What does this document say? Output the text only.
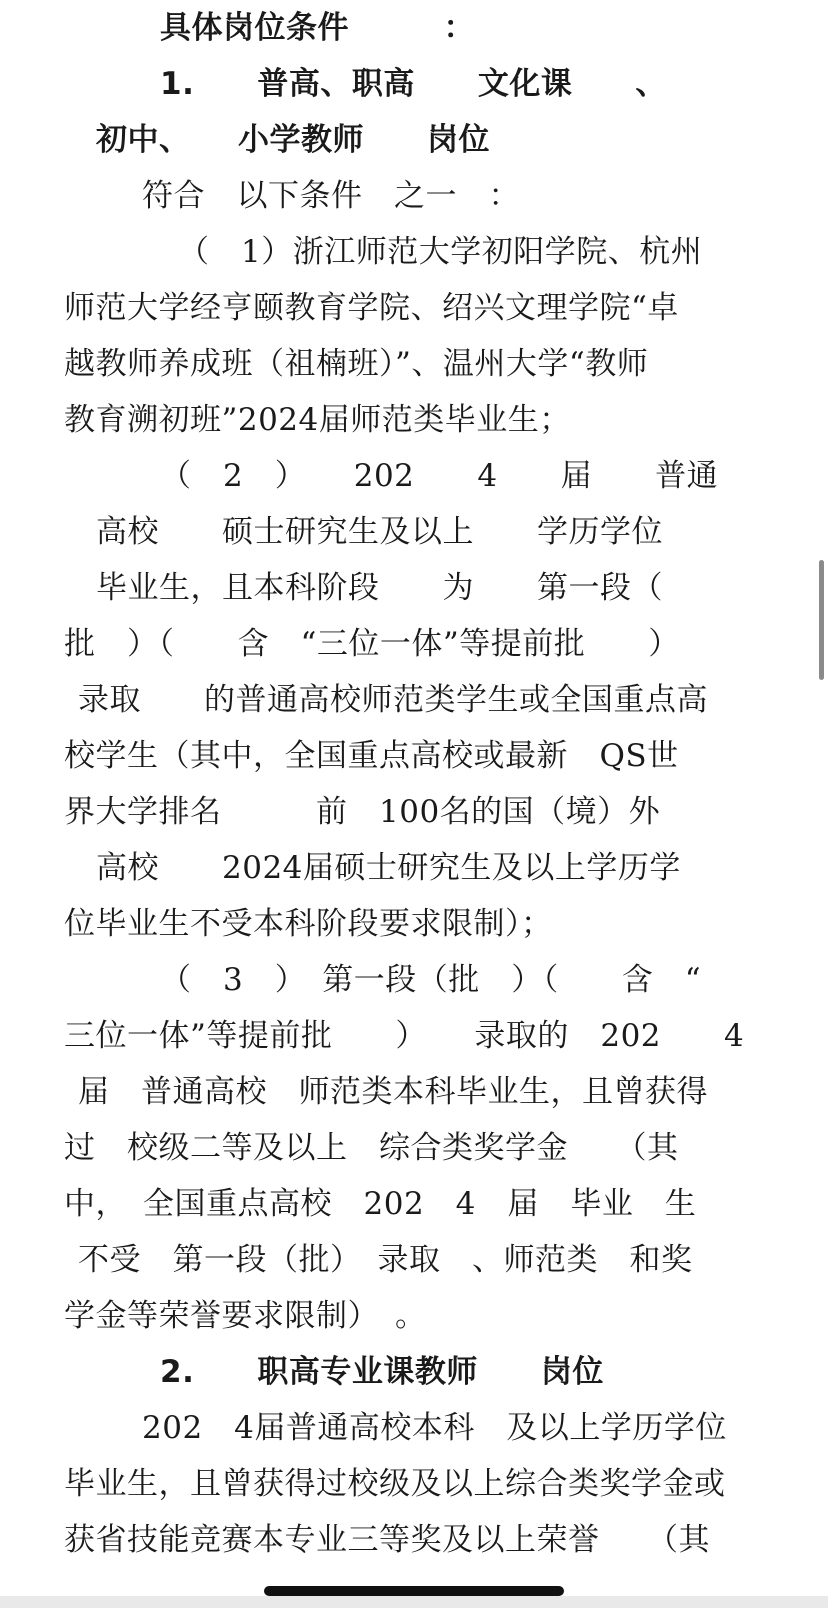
具体岗位条件　　　：
1.　　普高、职高　　文化课　　、
初中、　　小学教师　　岗位
符合　以下条件　之一　：
（　1）浙江师范大学初阳学院、杭州
师范大学经亨颐教育学院、绍兴文理学院“卓
越教师养成班（祖楠班）”、温州大学“教师
教育溯初班”2024届师范类毕业生；
（　2　）　　202　　4　　届　　普通
高校　　硕士研究生及以上　　学历学位
毕业生，且本科阶段　　为　　第一段（
批　）（　　含　“三位一体”等提前批　　）
录取　　的普通高校师范类学生或全国重点高
校学生（其中，全国重点高校或最新　QS世
界大学排名　　　前　100名的国（境）外
高校　　2024届硕士研究生及以上学历学
位毕业生不受本科阶段要求限制）；
（　3　）　第一段（批　）（　　含　“
三位一体”等提前批　　）　　录取的　202　　4
届　普通高校　师范类本科毕业生，且曾获得
过　校级二等及以上　综合类奖学金　　（其
中，　全国重点高校　202　4　届　毕业　生
不受　第一段（批）　录取　、师范类　和奖
学金等荣誉要求限制）　。
2.　　职高专业课教师　　岗位
202　4届普通高校本科　及以上学历学位
毕业生，且曾获得过校级及以上综合类奖学金或
获省技能竞赛本专业三等奖及以上荣誉　　（其
